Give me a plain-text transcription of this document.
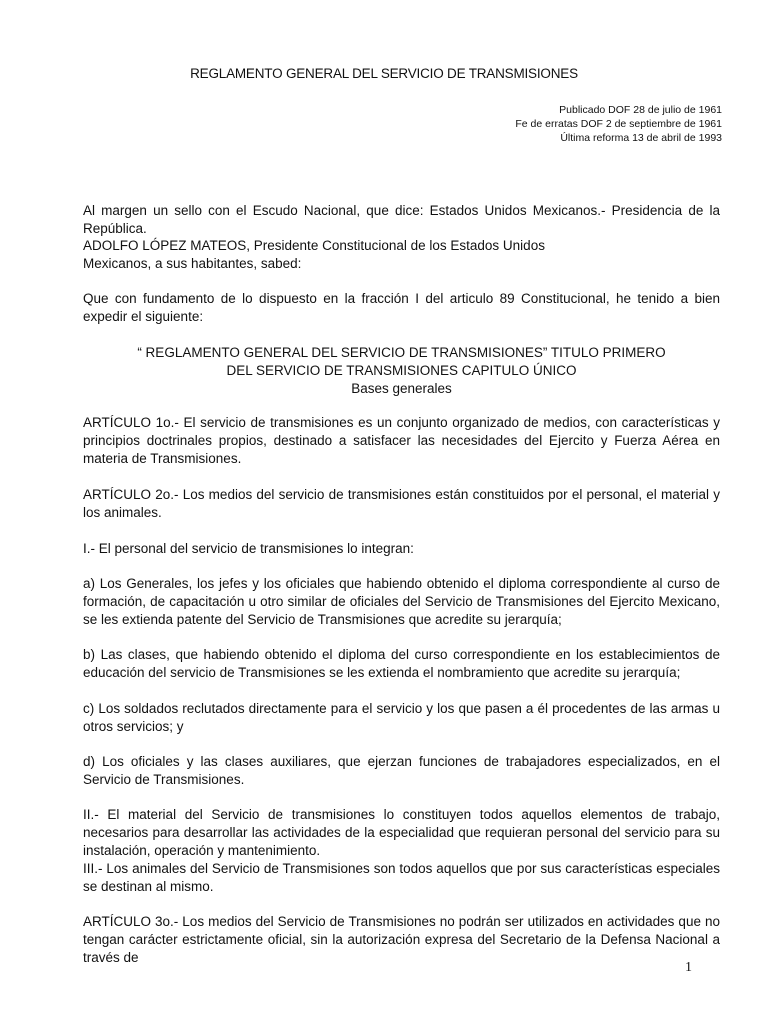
REGLAMENTO GENERAL DEL SERVICIO DE TRANSMISIONES
Publicado DOF 28 de julio de 1961
Fe de erratas DOF 2 de septiembre de 1961
Última reforma 13 de abril de 1993

Al margen un sello con el Escudo Nacional, que dice: Estados Unidos Mexicanos.- Presidencia de la República.

ADOLFO LÓPEZ MATEOS, Presidente Constitucional de los Estados Unidos
Mexicanos, a sus habitantes, sabed:

Que con fundamento de lo dispuesto en la fracción I del articulo 89 Constitucional, he tenido a bien expedir el siguiente:

“ REGLAMENTO GENERAL DEL SERVICIO DE TRANSMISIONES” TITULO PRIMERO
DEL SERVICIO DE TRANSMISIONES CAPITULO ÚNICO
Bases generales

ARTÍCULO 1o.- El servicio de transmisiones es un conjunto organizado de medios, con características y principios doctrinales propios, destinado a satisfacer las necesidades del Ejercito y Fuerza Aérea en materia de Transmisiones.

ARTÍCULO 2o.- Los medios del servicio de transmisiones están constituidos por el personal, el material y los animales.

I.- El personal del servicio de transmisiones lo integran:

a) Los Generales, los jefes y los oficiales que habiendo obtenido el diploma correspondiente al curso de formación, de capacitación u otro similar de oficiales del Servicio de Transmisiones del Ejercito Mexicano, se les extienda patente del Servicio de Transmisiones que acredite su jerarquía;

b) Las clases, que habiendo obtenido el diploma del curso correspondiente en los establecimientos de educación del servicio de Transmisiones se les extienda el nombramiento que acredite su jerarquía;

c) Los soldados reclutados directamente para el servicio y los que pasen a él procedentes de las armas u otros servicios; y

d) Los oficiales y las clases auxiliares, que ejerzan funciones de trabajadores especializados, en el Servicio de Transmisiones.

II.- El material del Servicio de transmisiones lo constituyen todos aquellos elementos de trabajo, necesarios para desarrollar las actividades de la especialidad que requieran personal del servicio para su instalación, operación y mantenimiento.

III.- Los animales del Servicio de Transmisiones son todos aquellos que por sus características especiales se destinan al mismo.

ARTÍCULO 3o.- Los medios del Servicio de Transmisiones no podrán ser utilizados en actividades que no tengan carácter estrictamente oficial, sin la autorización expresa del Secretario de la Defensa Nacional a través de

1
